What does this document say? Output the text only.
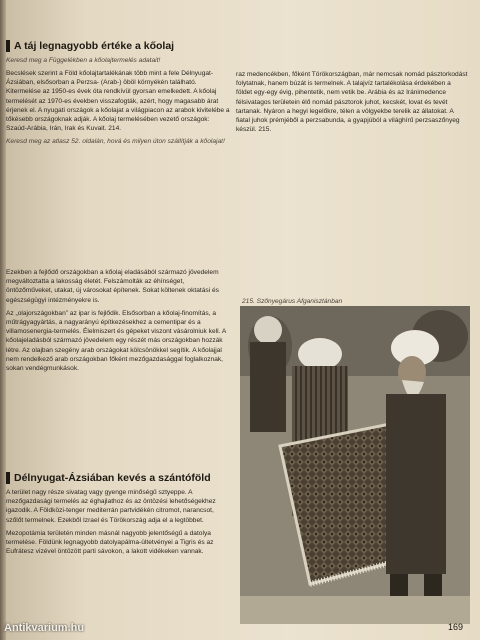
A táj legnagyobb értéke a kőolaj
Keresd meg a Függelékben a kőolajtermelés adatait!
Becslések szerint a Föld kőolajtartalékának több mint a fele Délnyugat-Ázsiában, elsősorban a Perzsa- (Arab-) öböl környékén található. Kitermelése az 1950-es évek óta rendkívül gyorsan emelkedett. A kőolaj termelését az 1970-es években visszafogták, azért, hogy magasabb árat érjenek el. A nyugati országok a kőolajat a világpiacon az arabok kivitelébe a tőkésebb országoknak adják. A kőolaj termelésében vezető országok: Szaúd-Arábia, Irán, Irak és Kuvait. 214.
Keresd meg az atlasz 52. oldalán, hová és milyen úton szállítják a kőolajat!
Ezekben a fejlődő országokban a kőolaj eladásából származó jövedelem megváltoztatta a lakosság életét. Felszámolták az éhínséget, öntözőműveket, utakat, új városokat építenek. Sokat költenek oktatási és egészségügyi intézményekre is.
Az „olajországokban” az ipar is fejlődik. Elsősorban a kőolaj-finomítás, a műtrágyagyártás, a nagyarányú építkezésekhez a cementipar és a villamosenergia-termelés. Élelmiszert és gépeket viszont vásárolniuk kell. A kőolajeladásból származó jövedelem egy részét más országokban hozzák létre. Az olajban szegény arab országokat kölcsönökkel segítik. A kőolajjal nem rendelkező arab országokban főként mezőgazdasággal foglalkoznak, sokan vendégmunkások.
Délnyugat-Ázsiában kevés a szántóföld
A terület nagy része sivatag vagy gyenge minőségű sztyeppe. A mezőgazdasági termelés az éghajlathoz és az öntözési lehetőségekhez igazodik. A Földközi-tenger mediterrán partvidékén citromot, narancsot, szőlőt termelnek. Ezekből Izrael és Törökország adja el a legtöbbet.
Mezopotámia területén minden másnál nagyobb jelentőségű a datolya termelése. Földünk legnagyobb datolyapálma-ültetvényei a Tigris és az Eufrátesz vizével öntözött parti sávokon, a lakott vidékeken vannak.
raz medencékben, főként Törökországban, már nemcsak nomád pásztorkodást folytatnak, hanem búzát is termelnek. A talajvíz tartalékolása érdekében a földet egy-egy évig, pihentetik, nem vetik be. Arábia és az Iránimedence félsivatagos területein élő nomád pásztorok juhot, kecskét, lovat és tevét tartanak. Nyáron a hegyi legelőkre, télen a völgyekbe terelik az állatokat. A fiatal juhok prémjéből a perzsabunda, a gyapjúból a világhírű perzsaszőnyeg készül. 215.
215. Szőnyegárus Afganisztánban
Antikvarium.hu	169
